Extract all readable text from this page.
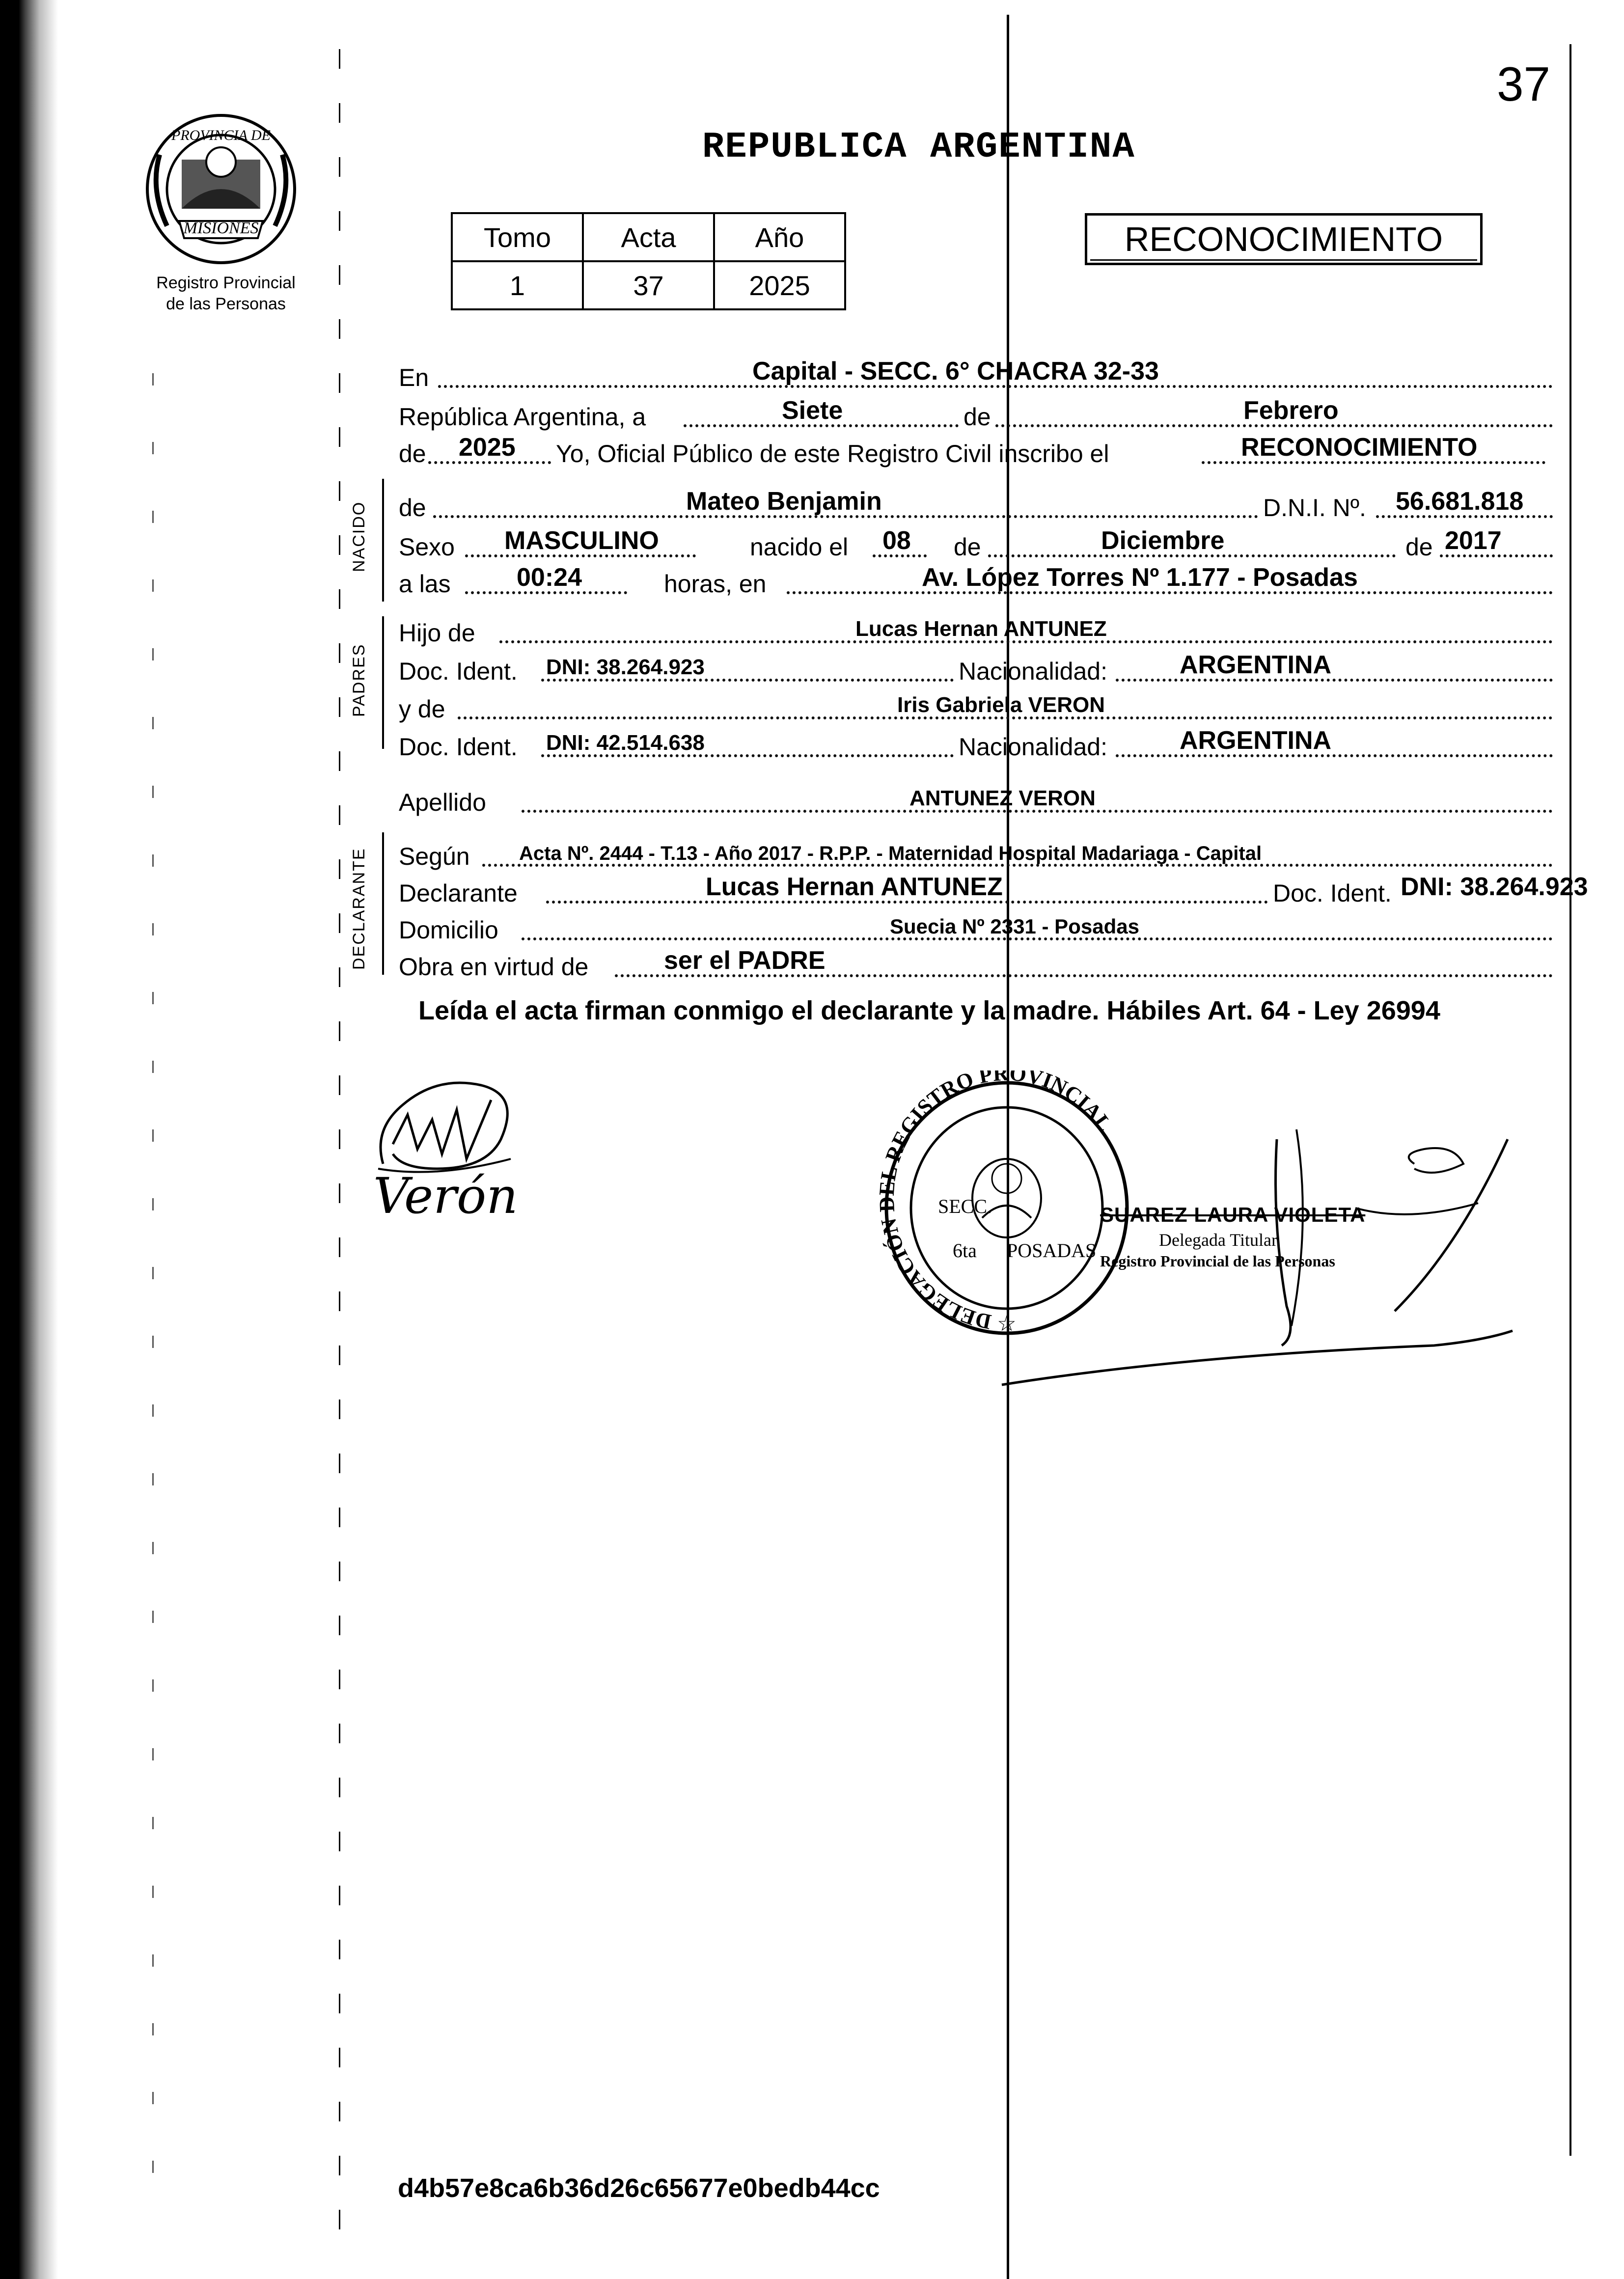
37
PROVINCIA DE
MISIONES
Registro Provincial
de las Personas
REPUBLICA ARGENTINA
Tomo	Acta	Año
1	37	2025
RECONOCIMIENTO
NACIDO
PADRES
DECLARANTE
En	Capital - SECC. 6° CHACRA 32-33
República Argentina, a	Siete	de	Febrero
de 2025 Yo, Oficial Público de este Registro Civil inscribo el	RECONOCIMIENTO
de	Mateo Benjamin	D.N.I. Nº. 56.681.818
Sexo MASCULINO	nacido el 08 de	Diciembre	de 2017
a las	00:24	horas, en	Av. López Torres Nº 1.177 - Posadas
Hijo de	Lucas Hernan ANTUNEZ
Doc. Ident. DNI: 38.264.923	Nacionalidad:	ARGENTINA
y de	Iris Gabriela VERON
Doc. Ident. DNI: 42.514.638	Nacionalidad:	ARGENTINA
Apellido	ANTUNEZ VERON
Según	Acta Nº. 2444 - T.13 - Año 2017 - R.P.P. - Maternidad Hospital Madariaga - Capital
Declarante	Lucas Hernan ANTUNEZ	Doc. Ident. DNI: 38.264.923
Domicilio	Suecia Nº 2331 - Posadas
Obra en virtud de	ser el PADRE
Leída el acta firman conmigo el declarante y la madre. Hábiles Art. 64 - Ley 26994
Verón
DELEGACIÓ REGISTRO PROVINCIAL
SECC.
6ta POSADAS
☆
SUAREZ LAURA VIOLETA
Delegada Titular
Registro Provincial de las Personas
d4b57e8ca6b36d26c65677e0bedb44cc
